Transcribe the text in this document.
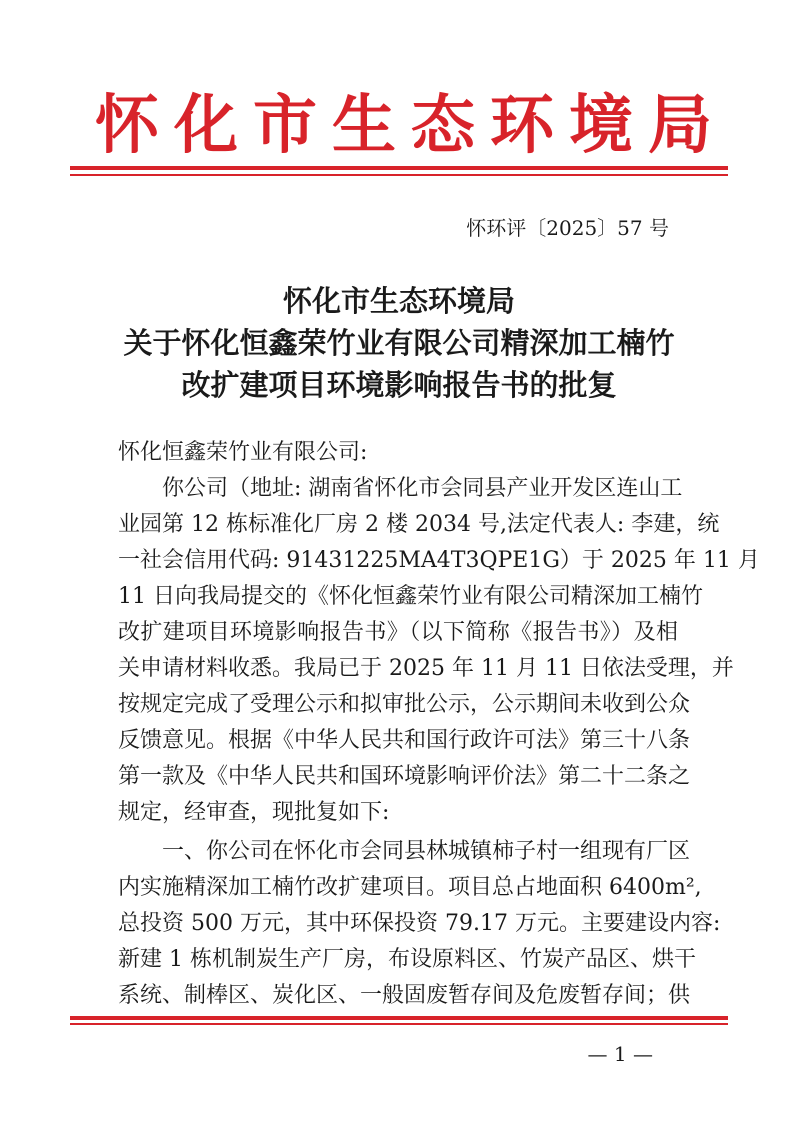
怀化市生态环境局
怀环评〔2025〕57 号
怀化市生态环境局
关于怀化恒鑫荣竹业有限公司精深加工楠竹
改扩建项目环境影响报告书的批复
怀化恒鑫荣竹业有限公司:
你公司（地址: 湖南省怀化市会同县产业开发区连山工
业园第 12 栋标准化厂房 2 楼 2034 号,法定代表人: 李建，统
一社会信用代码: 91431225MA4T3QPE1G）于 2025 年 11 月
11 日向我局提交的《怀化恒鑫荣竹业有限公司精深加工楠竹
改扩建项目环境影响报告书》（以下简称《报告书》）及相
关申请材料收悉。我局已于 2025 年 11 月 11 日依法受理，并
按规定完成了受理公示和拟审批公示，公示期间未收到公众
反馈意见。根据《中华人民共和国行政许可法》第三十八条
第一款及《中华人民共和国环境影响评价法》第二十二条之
规定，经审查，现批复如下:
一、你公司在怀化市会同县林城镇柿子村一组现有厂区
内实施精深加工楠竹改扩建项目。项目总占地面积 6400m²,
总投资 500 万元，其中环保投资 79.17 万元。主要建设内容:
新建 1 栋机制炭生产厂房，布设原料区、竹炭产品区、烘干
系统、制棒区、炭化区、一般固废暂存间及危废暂存间；供
— 1 —
